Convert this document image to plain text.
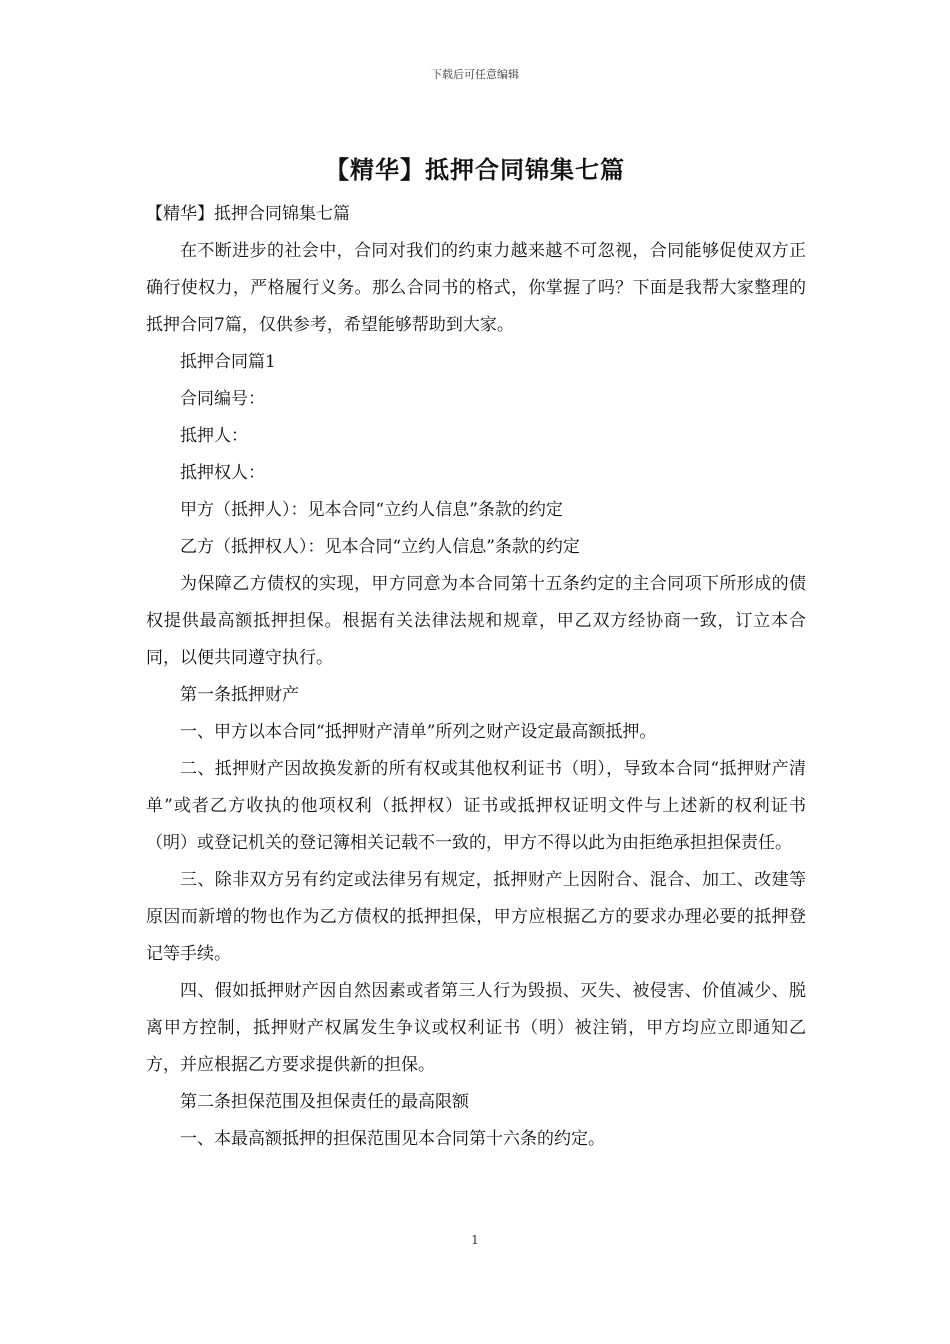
下载后可任意编辑
【精华】抵押合同锦集七篇

【精华】抵押合同锦集七篇

在不断进步的社会中，合同对我们的约束力越来越不可忽视，合同能够促使双方正确行使权力，严格履行义务。那么合同书的格式，你掌握了吗？下面是我帮大家整理的抵押合同7篇，仅供参考，希望能够帮助到大家。

抵押合同篇1

合同编号：

抵押人：

抵押权人：

甲方（抵押人）：见本合同“立约人信息”条款的约定

乙方（抵押权人）：见本合同“立约人信息”条款的约定

为保障乙方债权的实现，甲方同意为本合同第十五条约定的主合同项下所形成的债权提供最高额抵押担保。根据有关法律法规和规章，甲乙双方经协商一致，订立本合同，以便共同遵守执行。

第一条抵押财产

一、甲方以本合同“抵押财产清单”所列之财产设定最高额抵押。

二、抵押财产因故换发新的所有权或其他权利证书（明），导致本合同“抵押财产清单”或者乙方收执的他项权利（抵押权）证书或抵押权证明文件与上述新的权利证书（明）或登记机关的登记簿相关记载不一致的，甲方不得以此为由拒绝承担担保责任。

三、除非双方另有约定或法律另有规定，抵押财产上因附合、混合、加工、改建等原因而新增的物也作为乙方债权的抵押担保，甲方应根据乙方的要求办理必要的抵押登记等手续。

四、假如抵押财产因自然因素或者第三人行为毁损、灭失、被侵害、价值减少、脱离甲方控制，抵押财产权属发生争议或权利证书（明）被注销，甲方均应立即通知乙方，并应根据乙方要求提供新的担保。

第二条担保范围及担保责任的最高限额

一、本最高额抵押的担保范围见本合同第十六条的约定。

1
